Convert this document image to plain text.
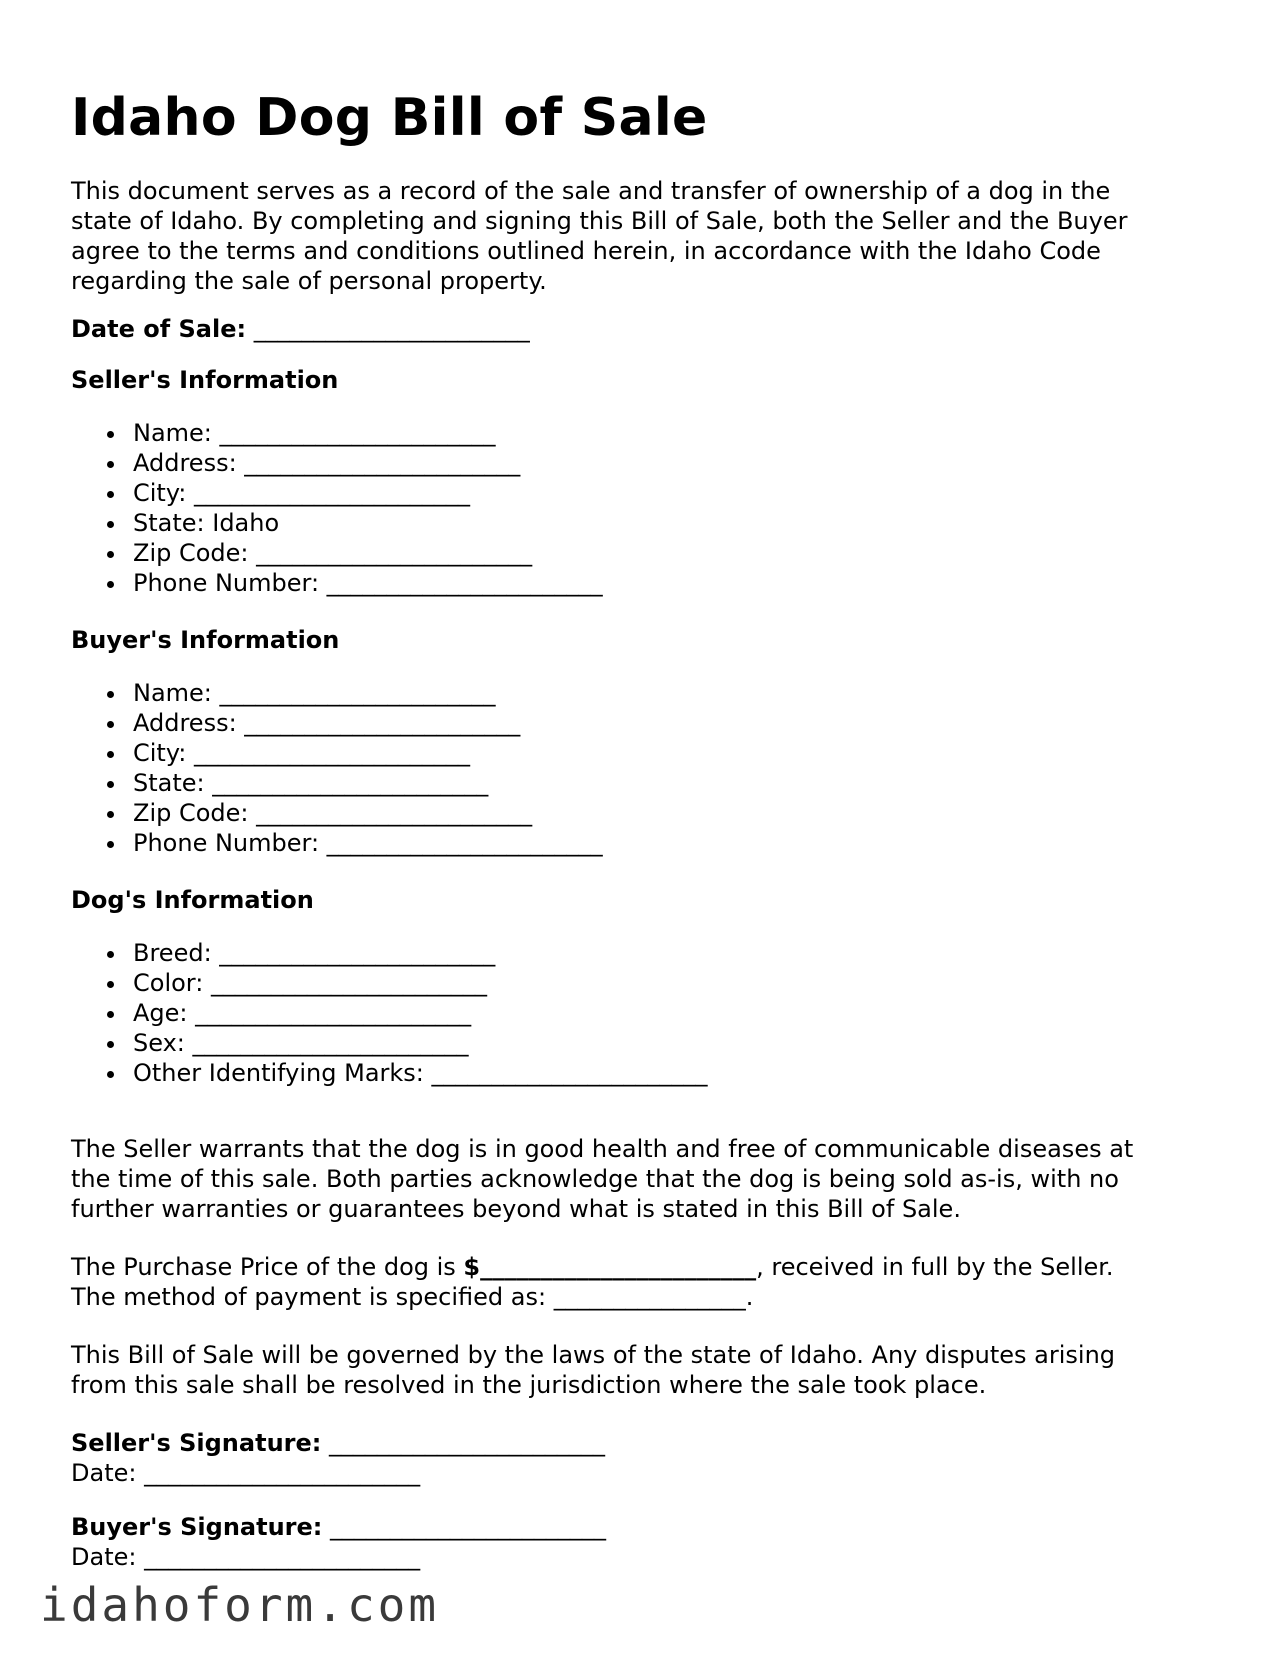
Idaho Dog Bill of Sale
This document serves as a record of the sale and transfer of ownership of a dog in the
state of Idaho. By completing and signing this Bill of Sale, both the Seller and the Buyer
agree to the terms and conditions outlined herein, in accordance with the Idaho Code
regarding the sale of personal property.
Date of Sale: _______________________
Seller's Information
Name: _______________________
Address: _______________________
City: _______________________
State: Idaho
Zip Code: _______________________
Phone Number: _______________________
Buyer's Information
Name: _______________________
Address: _______________________
City: _______________________
State: _______________________
Zip Code: _______________________
Phone Number: _______________________
Dog's Information
Breed: _______________________
Color: _______________________
Age: _______________________
Sex: _______________________
Other Identifying Marks: _______________________
The Seller warrants that the dog is in good health and free of communicable diseases at
the time of this sale. Both parties acknowledge that the dog is being sold as-is, with no
further warranties or guarantees beyond what is stated in this Bill of Sale.
The Purchase Price of the dog is $_______________________, received in full by the Seller.
The method of payment is specified as: ________________.
This Bill of Sale will be governed by the laws of the state of Idaho. Any disputes arising
from this sale shall be resolved in the jurisdiction where the sale took place.
Seller's Signature: _______________________
Date: _______________________
Buyer's Signature: _______________________
Date: _______________________
idahoform.com
